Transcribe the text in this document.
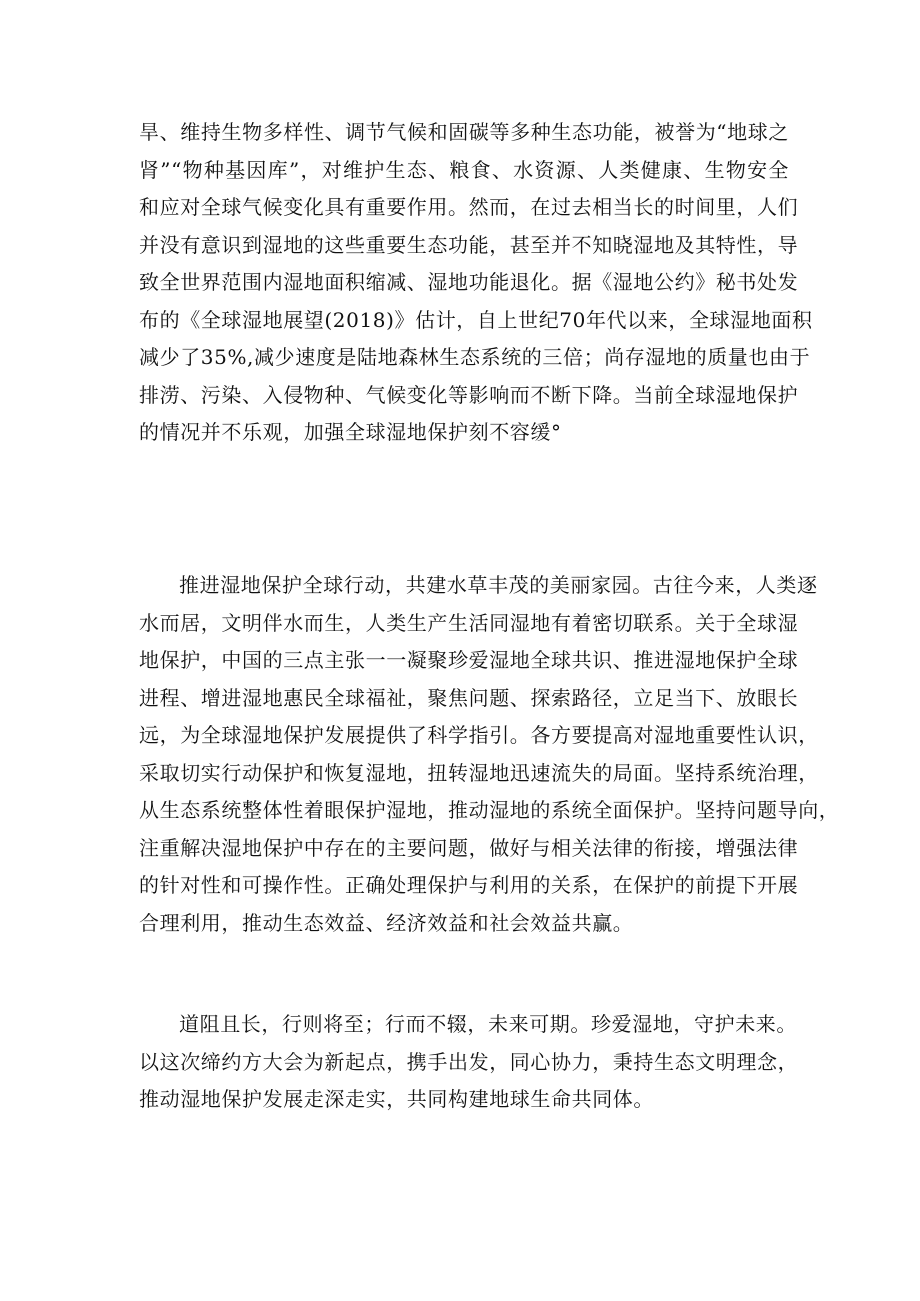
旱、维持生物多样性、调节气候和固碳等多种生态功能，被誉为“地球之
肾”“物种基因库”，对维护生态、粮食、水资源、人类健康、生物安全
和应对全球气候变化具有重要作用。然而，在过去相当长的时间里，人们
并没有意识到湿地的这些重要生态功能，甚至并不知晓湿地及其特性，导
致全世界范围内湿地面积缩减、湿地功能退化。据《湿地公约》秘书处发
布的《全球湿地展望(2018)》估计，自上世纪70年代以来，全球湿地面积
减少了35%,减少速度是陆地森林生态系统的三倍；尚存湿地的质量也由于
排涝、污染、入侵物种、气候变化等影响而不断下降。当前全球湿地保护
的情况并不乐观，加强全球湿地保护刻不容缓°
推进湿地保护全球行动，共建水草丰茂的美丽家园。古往今来，人类逐
水而居，文明伴水而生，人类生产生活同湿地有着密切联系。关于全球湿
地保护，中国的三点主张一一凝聚珍爱湿地全球共识、推进湿地保护全球
进程、增进湿地惠民全球福祉，聚焦问题、探索路径，立足当下、放眼长
远，为全球湿地保护发展提供了科学指引。各方要提高对湿地重要性认识，
采取切实行动保护和恢复湿地，扭转湿地迅速流失的局面。坚持系统治理，
从生态系统整体性着眼保护湿地，推动湿地的系统全面保护。坚持问题导向，
注重解决湿地保护中存在的主要问题，做好与相关法律的衔接，增强法律
的针对性和可操作性。正确处理保护与利用的关系，在保护的前提下开展
合理利用，推动生态效益、经济效益和社会效益共赢。
道阻且长，行则将至；行而不辍，未来可期。珍爱湿地，守护未来。
以这次缔约方大会为新起点，携手出发，同心协力，秉持生态文明理念，
推动湿地保护发展走深走实，共同构建地球生命共同体。
